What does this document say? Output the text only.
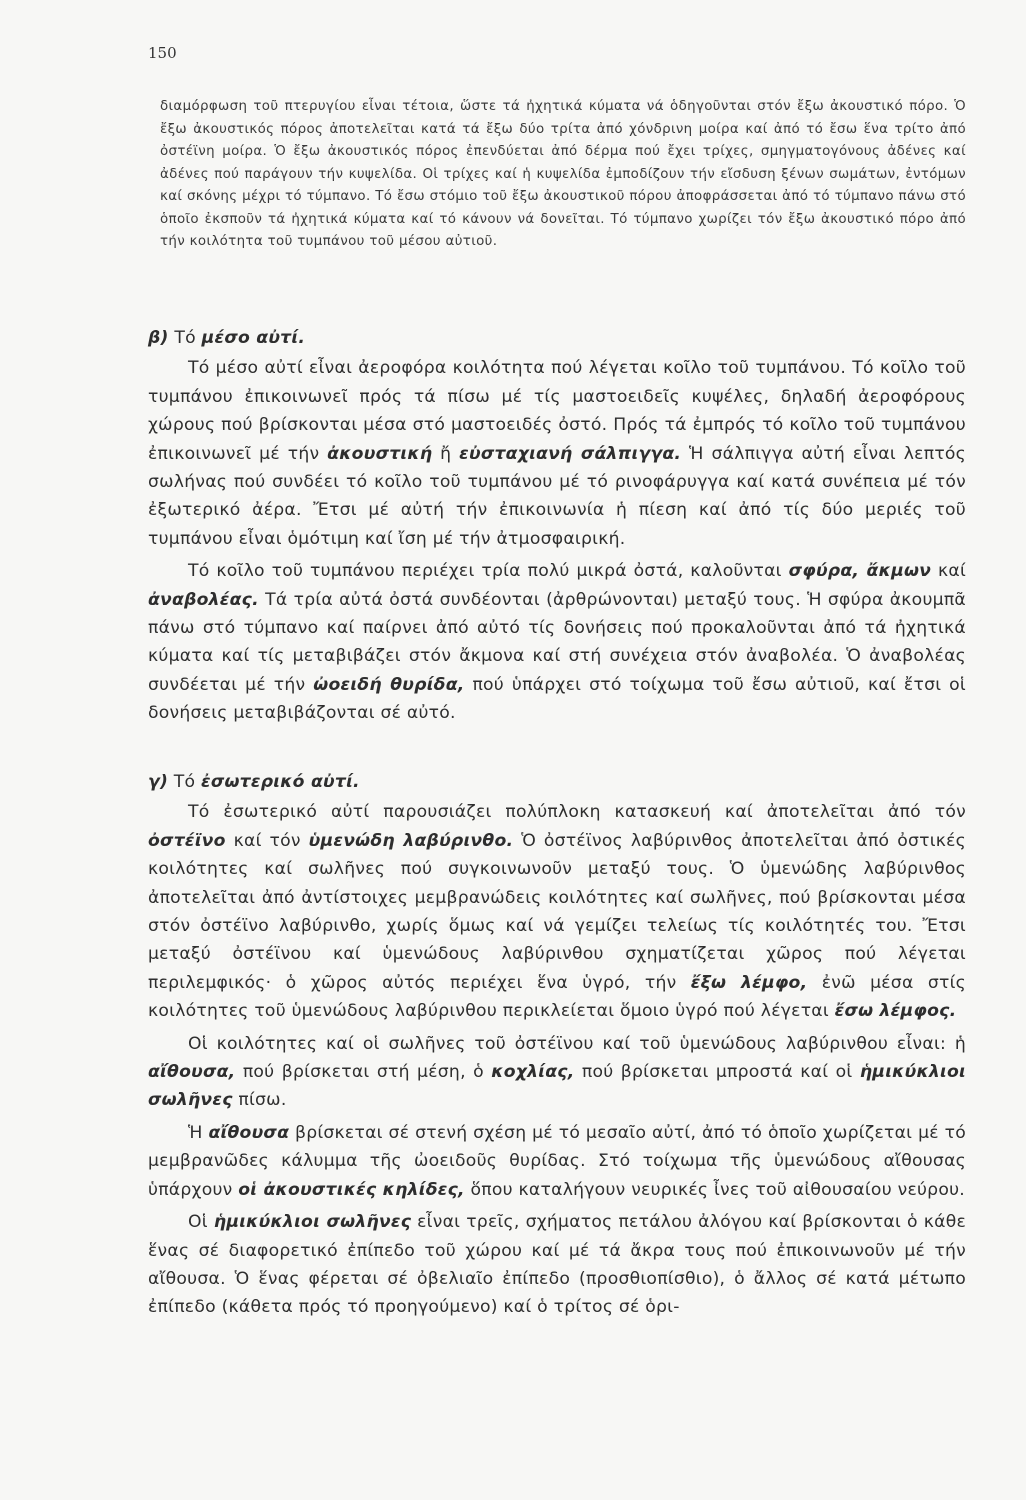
150

διαμόρφωση τοῦ πτερυγίου εἶναι τέτοια, ὥστε τά ἠχητικά κύματα νά ὁδηγοῦνται στόν ἔξω ἀκουστικό πόρο. Ὁ ἔξω ἀκουστικός πόρος ἀποτελεῖται κατά τά ἔξω δύο τρίτα ἀπό χόνδρινη μοίρα καί ἀπό τό ἔσω ἕνα τρίτο ἀπό ὀστέϊνη μοίρα. Ὁ ἔξω ἀκουστικός πόρος ἐπενδύεται ἀπό δέρμα πού ἔχει τρίχες, σμηγματογόνους ἀδένες καί ἀδένες πού παράγουν τήν κυψελίδα. Οἱ τρίχες καί ἡ κυψελίδα ἐμποδίζουν τήν εἴσδυση ξένων σωμάτων, ἐντόμων καί σκόνης μέχρι τό τύμπανο. Τό ἔσω στόμιο τοῦ ἔξω ἀκουστικοῦ πόρου ἀποφράσσεται ἀπό τό τύμπανο πάνω στό ὁποῖο ἐκσποῦν τά ἠχητικά κύματα καί τό κάνουν νά δονεῖται. Τό τύμπανο χωρίζει τόν ἔξω ἀκουστικό πόρο ἀπό τήν κοιλότητα τοῦ τυμπάνου τοῦ μέσου αὐτιοῦ.

β) Τό μέσο αὐτί.

Τό μέσο αὐτί εἶναι ἀεροφόρα κοιλότητα πού λέγεται κοῖλο τοῦ τυμπάνου. Τό κοῖλο τοῦ τυμπάνου ἐπικοινωνεῖ πρός τά πίσω μέ τίς μαστοειδεῖς κυψέλες, δηλαδή ἀεροφόρους χώρους πού βρίσκονται μέσα στό μαστοειδές ὀστό. Πρός τά ἐμπρός τό κοῖλο τοῦ τυμπάνου ἐπικοινωνεῖ μέ τήν ἀκουστική ἤ εὐσταχιανή σάλπιγγα. Ἡ σάλπιγγα αὐτή εἶναι λεπτός σωλήνας πού συνδέει τό κοῖλο τοῦ τυμπάνου μέ τό ρινοφάρυγγα καί κατά συνέπεια μέ τόν ἐξωτερικό ἀέρα. Ἔτσι μέ αὐτή τήν ἐπικοινωνία ἡ πίεση καί ἀπό τίς δύο μεριές τοῦ τυμπάνου εἶναι ὁμότιμη καί ἴση μέ τήν ἀτμοσφαιρική.

Τό κοῖλο τοῦ τυμπάνου περιέχει τρία πολύ μικρά ὀστά, καλοῦνται σφύρα, ἄκμων καί ἀναβολέας. Τά τρία αὐτά ὀστά συνδέονται (ἀρθρώνονται) μεταξύ τους. Ἡ σφύρα ἀκουμπᾶ πάνω στό τύμπανο καί παίρνει ἀπό αὐτό τίς δονήσεις πού προκαλοῦνται ἀπό τά ἠχητικά κύματα καί τίς μεταβιβάζει στόν ἄκμονα καί στή συνέχεια στόν ἀναβολέα. Ὁ ἀναβολέας συνδέεται μέ τήν ὠοειδή θυρίδα, πού ὑπάρχει στό τοίχωμα τοῦ ἔσω αὐτιοῦ, καί ἔτσι οἱ δονήσεις μεταβιβάζονται σέ αὐτό.

γ) Τό ἐσωτερικό αὐτί.

Τό ἐσωτερικό αὐτί παρουσιάζει πολύπλοκη κατασκευή καί ἀποτελεῖται ἀπό τόν ὀστέϊνο καί τόν ὑμενώδη λαβύρινθο. Ὁ ὀστέϊνος λαβύρινθος ἀποτελεῖται ἀπό ὀστικές κοιλότητες καί σωλῆνες πού συγκοινωνοῦν μεταξύ τους. Ὁ ὑμενώδης λαβύρινθος ἀποτελεῖται ἀπό ἀντίστοιχες μεμβρανώδεις κοιλότητες καί σωλῆνες, πού βρίσκονται μέσα στόν ὀστέϊνο λαβύρινθο, χωρίς ὅμως καί νά γεμίζει τελείως τίς κοιλότητές του. Ἔτσι μεταξύ ὀστέϊνου καί ὑμενώδους λαβύρινθου σχηματίζεται χῶρος πού λέγεται περιλεμφικός· ὁ χῶρος αὐτός περιέχει ἕνα ὑγρό, τήν ἔξω λέμφο, ἐνῶ μέσα στίς κοιλότητες τοῦ ὑμενώδους λαβύρινθου περικλείεται ὅμοιο ὑγρό πού λέγεται ἔσω λέμφος.

Οἱ κοιλότητες καί οἱ σωλῆνες τοῦ ὀστέϊνου καί τοῦ ὑμενώδους λαβύρινθου εἶναι: ἡ αἴθουσα, πού βρίσκεται στή μέση, ὁ κοχλίας, πού βρίσκεται μπροστά καί οἱ ἡμικύκλιοι σωλῆνες πίσω.

Ἡ αἴθουσα βρίσκεται σέ στενή σχέση μέ τό μεσαῖο αὐτί, ἀπό τό ὁποῖο χωρίζεται μέ τό μεμβρανῶδες κάλυμμα τῆς ὠοειδοῦς θυρίδας. Στό τοίχωμα τῆς ὑμενώδους αἴθουσας ὑπάρχουν οἱ ἀκουστικές κηλίδες, ὅπου καταλήγουν νευρικές ἶνες τοῦ αἰθουσαίου νεύρου.

Οἱ ἡμικύκλιοι σωλῆνες εἶναι τρεῖς, σχήματος πετάλου ἀλόγου καί βρίσκονται ὁ κάθε ἕνας σέ διαφορετικό ἐπίπεδο τοῦ χώρου καί μέ τά ἄκρα τους πού ἐπικοινωνοῦν μέ τήν αἴθουσα. Ὁ ἕνας φέρεται σέ ὀβελιαῖο ἐπίπεδο (προσθιοπίσθιο), ὁ ἄλλος σέ κατά μέτωπο ἐπίπεδο (κάθετα πρός τό προηγούμενο) καί ὁ τρίτος σέ ὁρι-
